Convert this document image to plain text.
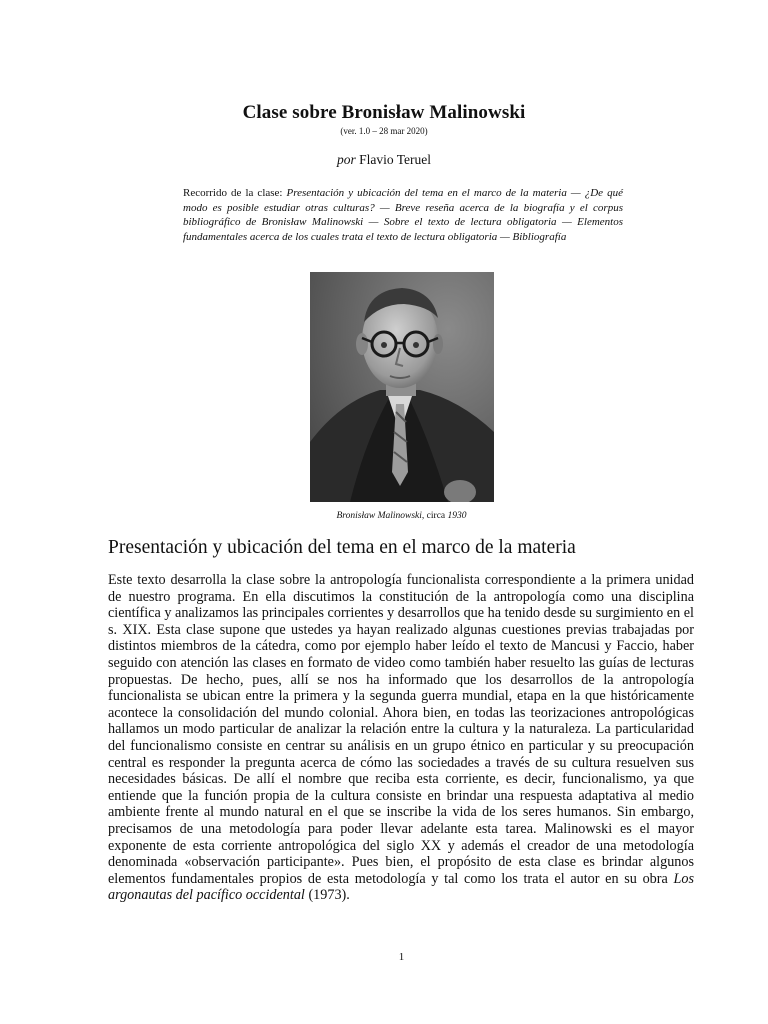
Clase sobre Bronisław Malinowski
(ver. 1.0 – 28 mar 2020)
por Flavio Teruel
Recorrido de la clase: Presentación y ubicación del tema en el marco de la materia — ¿De qué modo es posible estudiar otras culturas? — Breve reseña acerca de la biografía y el corpus bibliográfico de Bronisław Malinowski — Sobre el texto de lectura obligatoria — Elementos fundamentales acerca de los cuales trata el texto de lectura obligatoria — Bibliografía
Bronisław Malinowski, circa 1930
Presentación y ubicación del tema en el marco de la materia
Este texto desarrolla la clase sobre la antropología funcionalista correspondiente a la primera unidad de nuestro programa. En ella discutimos la constitución de la antropología como una disciplina científica y analizamos las principales corrientes y desarrollos que ha tenido desde su surgimiento en el s. XIX. Esta clase supone que ustedes ya hayan realizado algunas cuestiones previas trabajadas por distintos miembros de la cátedra, como por ejemplo haber leído el texto de Mancusi y Faccio, haber seguido con atención las clases en formato de video como también haber resuelto las guías de lecturas propuestas. De hecho, pues, allí se nos ha informado que los desarrollos de la antropología funcionalista se ubican entre la primera y la segunda guerra mundial, etapa en la que históricamente acontece la consolidación del mundo colonial. Ahora bien, en todas las teorizaciones antropológicas hallamos un modo particular de analizar la relación entre la cultura y la naturaleza. La particularidad del funcionalismo consiste en centrar su análisis en un grupo étnico en particular y su preocupación central es responder la pregunta acerca de cómo las sociedades a través de su cultura resuelven sus necesidades básicas. De allí el nombre que reciba esta corriente, es decir, funcionalismo, ya que entiende que la función propia de la cultura consiste en brindar una respuesta adaptativa al medio ambiente frente al mundo natural en el que se inscribe la vida de los seres humanos. Sin embargo, precisamos de una metodología para poder llevar adelante esta tarea. Malinowski es el mayor exponente de esta corriente antropológica del siglo XX y además el creador de una metodología denominada «observación participante». Pues bien, el propósito de esta clase es brindar algunos elementos fundamentales propios de esta metodología y tal como los trata el autor en su obra Los argonautas del pacífico occidental (1973).
1
